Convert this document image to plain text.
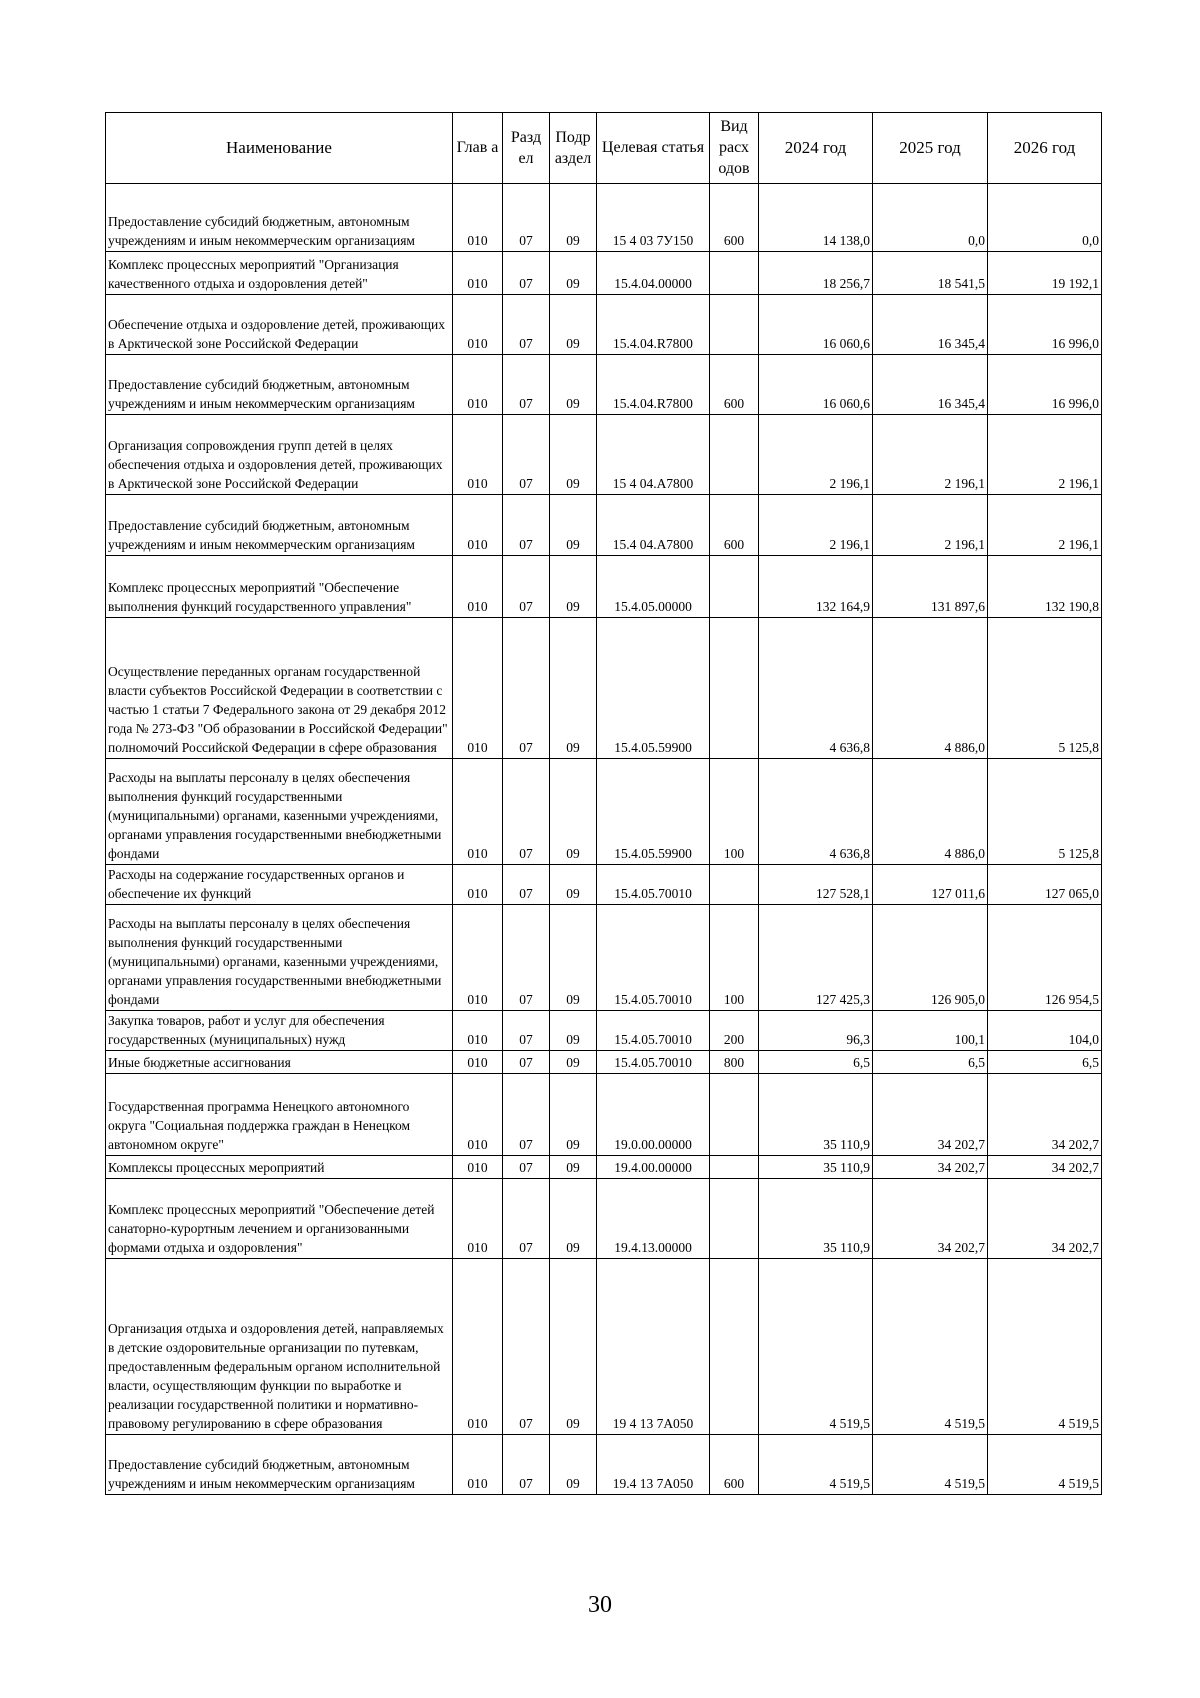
Наименование	Глав а	Разд ел	Подр аздел	Целевая статья	Вид расх одов	2024 год	2025 год	2026 год
Предоставление субсидий бюджетным, автономным учреждениям и иным некоммерческим организациям	010	07	09	15 4 03 7У150	600	14 138,0	0,0	0,0
Комплекс процессных мероприятий "Организация качественного отдыха и оздоровления детей"	010	07	09	15.4.04.00000		18 256,7	18 541,5	19 192,1
Обеспечение отдыха и оздоровление детей, проживающих в Арктической зоне Российской Федерации	010	07	09	15.4.04.R7800		16 060,6	16 345,4	16 996,0
Предоставление субсидий бюджетным, автономным учреждениям и иным некоммерческим организациям	010	07	09	15.4.04.R7800	600	16 060,6	16 345,4	16 996,0
Организация сопровождения групп детей в целях обеспечения отдыха и оздоровления детей, проживающих в Арктической зоне Российской Федерации	010	07	09	15 4 04.А7800		2 196,1	2 196,1	2 196,1
Предоставление субсидий бюджетным, автономным учреждениям и иным некоммерческим организациям	010	07	09	15.4 04.А7800	600	2 196,1	2 196,1	2 196,1
Комплекс процессных мероприятий "Обеспечение выполнения функций государственного управления"	010	07	09	15.4.05.00000		132 164,9	131 897,6	132 190,8
Осуществление переданных органам государственной власти субъектов Российской Федерации в соответствии с частью 1 статьи 7 Федерального закона от 29 декабря 2012 года № 273-ФЗ "Об образовании в Российской Федерации" полномочий Российской Федерации в сфере образования	010	07	09	15.4.05.59900		4 636,8	4 886,0	5 125,8
Расходы на выплаты персоналу в целях обеспечения выполнения функций государственными (муниципальными) органами, казенными учреждениями, органами управления государственными внебюджетными фондами	010	07	09	15.4.05.59900	100	4 636,8	4 886,0	5 125,8
Расходы на содержание государственных органов и обеспечение их функций	010	07	09	15.4.05.70010		127 528,1	127 011,6	127 065,0
Расходы на выплаты персоналу в целях обеспечения выполнения функций государственными (муниципальными) органами, казенными учреждениями, органами управления государственными внебюджетными фондами	010	07	09	15.4.05.70010	100	127 425,3	126 905,0	126 954,5
Закупка товаров, работ и услуг для обеспечения государственных (муниципальных) нужд	010	07	09	15.4.05.70010	200	96,3	100,1	104,0
Иные бюджетные ассигнования	010	07	09	15.4.05.70010	800	6,5	6,5	6,5
Государственная программа Ненецкого автономного округа "Социальная поддержка граждан в Ненецком автономном округе"	010	07	09	19.0.00.00000		35 110,9	34 202,7	34 202,7
Комплексы процессных мероприятий	010	07	09	19.4.00.00000		35 110,9	34 202,7	34 202,7
Комплекс процессных мероприятий "Обеспечение детей санаторно-курортным лечением и организованными формами отдыха и оздоровления"	010	07	09	19.4.13.00000		35 110,9	34 202,7	34 202,7
Организация отдыха и оздоровления детей, направляемых в детские оздоровительные организации по путевкам, предоставленным федеральным органом исполнительной власти, осуществляющим функции по выработке и реализации государственной политики и нормативно-правовому регулированию в сфере образования	010	07	09	19 4 13 7А050		4 519,5	4 519,5	4 519,5
Предоставление субсидий бюджетным, автономным учреждениям и иным некоммерческим организациям	010	07	09	19.4 13 7А050	600	4 519,5	4 519,5	4 519,5
30
